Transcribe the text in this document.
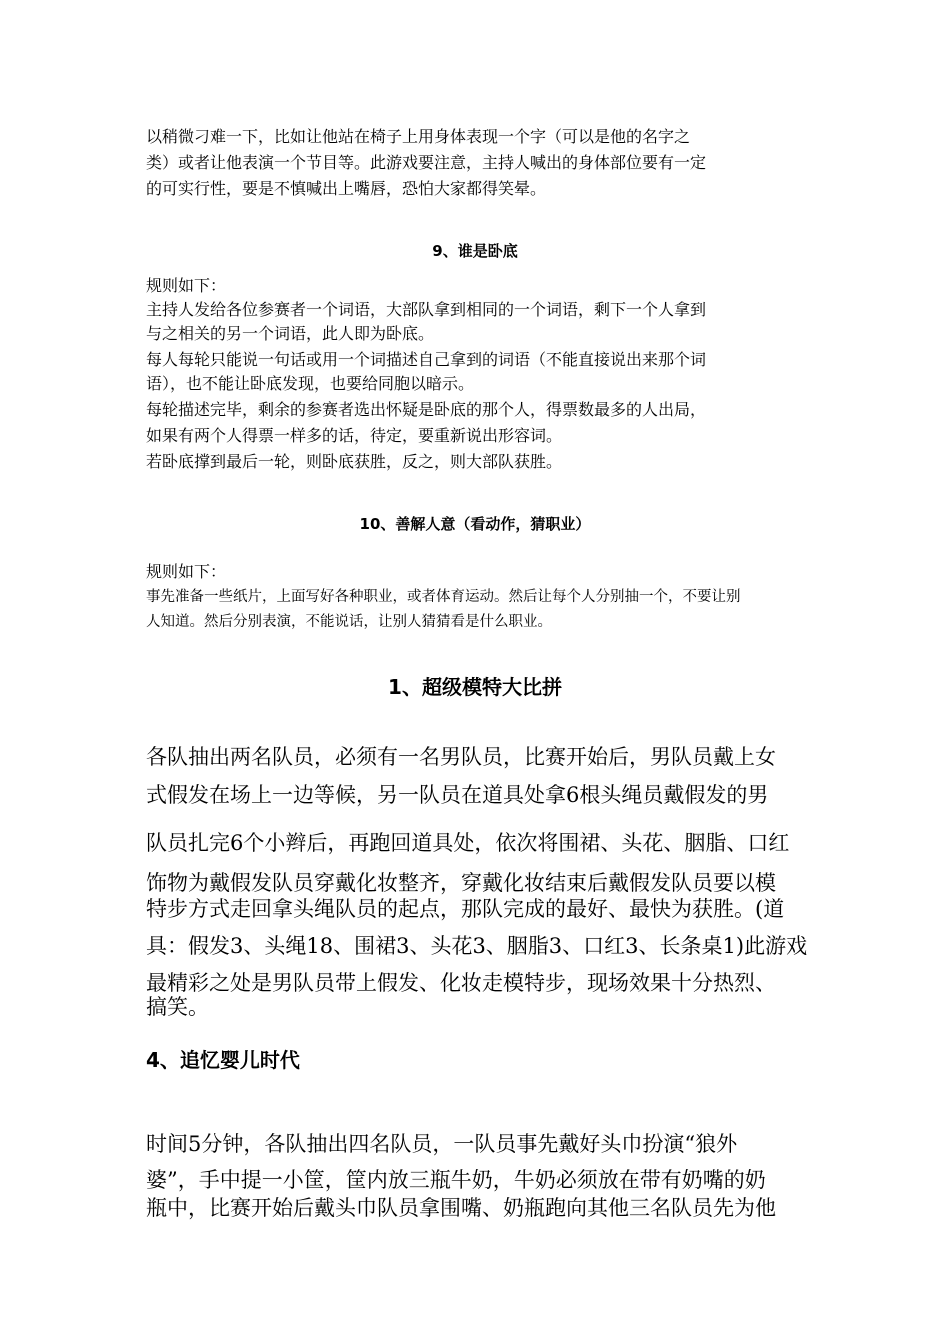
以稍微刁难一下，比如让他站在椅子上用身体表现一个字（可以是他的名字之

类）或者让他表演一个节目等。此游戏要注意，主持人喊出的身体部位要有一定

的可实行性，要是不慎喊出上嘴唇，恐怕大家都得笑晕。

9、谁是卧底

规则如下：

主持人发给各位参赛者一个词语，大部队拿到相同的一个词语，剩下一个人拿到

与之相关的另一个词语，此人即为卧底。

每人每轮只能说一句话或用一个词描述自己拿到的词语（不能直接说出来那个词

语），也不能让卧底发现，也要给同胞以暗示。

每轮描述完毕，剩余的参赛者选出怀疑是卧底的那个人，得票数最多的人出局，

如果有两个人得票一样多的话，待定，要重新说出形容词。

若卧底撑到最后一轮，则卧底获胜，反之，则大部队获胜。

10、善解人意（看动作，猜职业）

规则如下：

事先准备一些纸片，上面写好各种职业，或者体育运动。然后让每个人分别抽一个，不要让别

人知道。然后分别表演，不能说话，让别人猜猜看是什么职业。

1、超级模特大比拼

各队抽出两名队员，必须有一名男队员，比赛开始后，男队员戴上女

式假发在场上一边等候，另一队员在道具处拿6根头绳员戴假发的男

队员扎完6个小辫后，再跑回道具处，依次将围裙、头花、胭脂、口红

饰物为戴假发队员穿戴化妆整齐，穿戴化妆结束后戴假发队员要以模

特步方式走回拿头绳队员的起点，那队完成的最好、最快为获胜。(道

具：假发3、头绳18、围裙3、头花3、胭脂3、口红3、长条桌1)此游戏

最精彩之处是男队员带上假发、化妆走模特步，现场效果十分热烈、

搞笑。

4、追忆婴儿时代

时间5分钟，各队抽出四名队员，一队员事先戴好头巾扮演“狼外

婆”，手中提一小筐，筐内放三瓶牛奶，牛奶必须放在带有奶嘴的奶

瓶中，比赛开始后戴头巾队员拿围嘴、奶瓶跑向其他三名队员先为他
